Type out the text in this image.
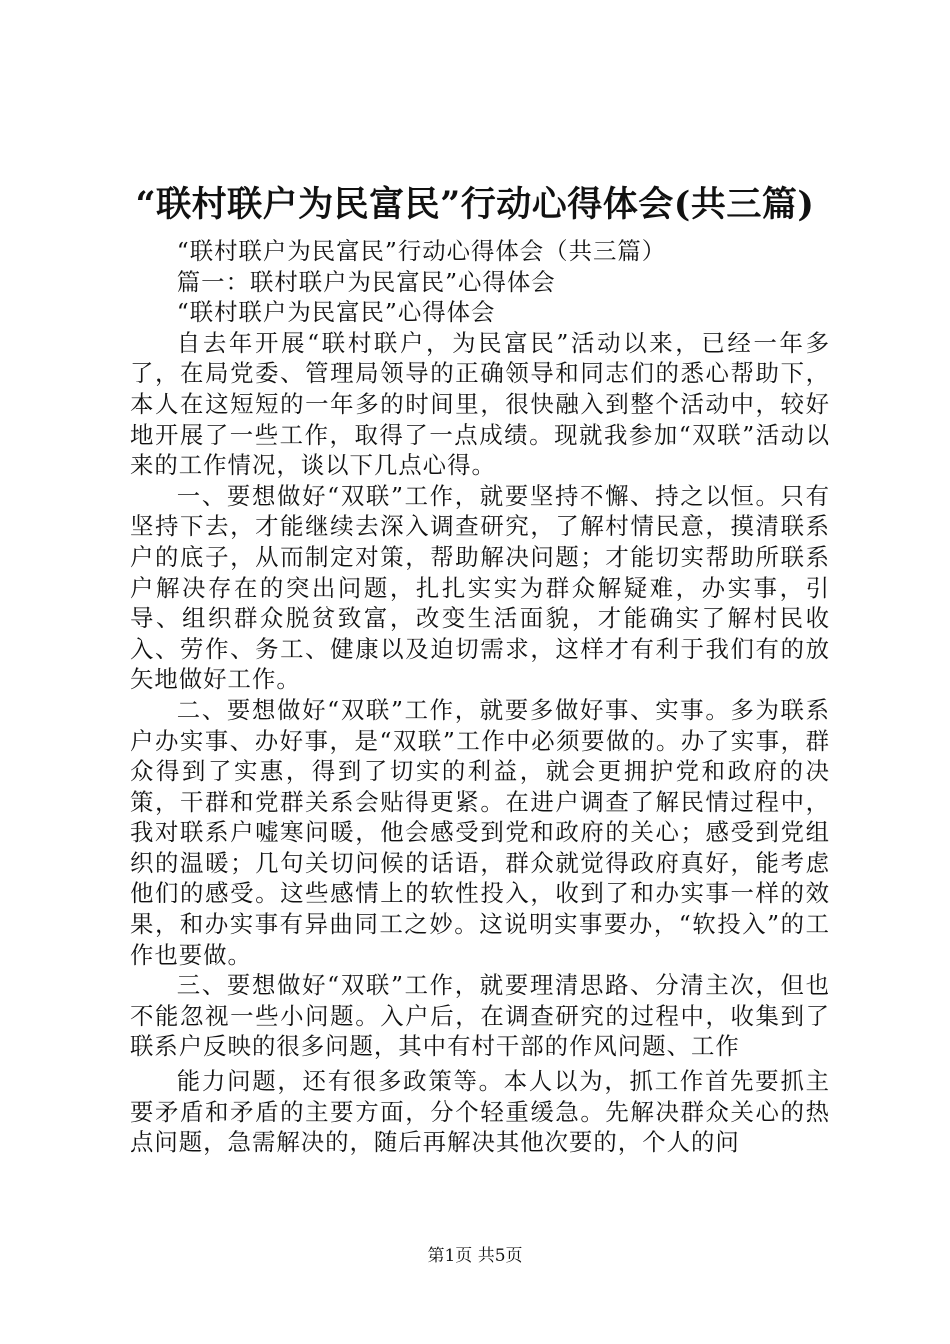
“联村联户为民富民”行动心得体会(共三篇)

“联村联户为民富民”行动心得体会（共三篇）

篇一：联村联户为民富民”心得体会

“联村联户为民富民”心得体会

自去年开展“联村联户，为民富民”活动以来，已经一年多了，在局党委、管理局领导的正确领导和同志们的悉心帮助下，本人在这短短的一年多的时间里，很快融入到整个活动中，较好地开展了一些工作，取得了一点成绩。现就我参加“双联”活动以来的工作情况，谈以下几点心得。

一、要想做好“双联”工作，就要坚持不懈、持之以恒。只有坚持下去，才能继续去深入调查研究，了解村情民意，摸清联系户的底子，从而制定对策，帮助解决问题；才能切实帮助所联系户解决存在的突出问题，扎扎实实为群众解疑难，办实事，引导、组织群众脱贫致富，改变生活面貌，才能确实了解村民收入、劳作、务工、健康以及迫切需求，这样才有利于我们有的放矢地做好工作。

二、要想做好“双联”工作，就要多做好事、实事。多为联系户办实事、办好事，是“双联”工作中必须要做的。办了实事，群众得到了实惠，得到了切实的利益，就会更拥护党和政府的决策，干群和党群关系会贴得更紧。在进户调查了解民情过程中，我对联系户嘘寒问暖，他会感受到党和政府的关心；感受到党组织的温暖；几句关切问候的话语，群众就觉得政府真好，能考虑他们的感受。这些感情上的软性投入，收到了和办实事一样的效果，和办实事有异曲同工之妙。这说明实事要办，“软投入”的工作也要做。

三、要想做好“双联”工作，就要理清思路、分清主次，但也不能忽视一些小问题。入户后，在调查研究的过程中，收集到了联系户反映的很多问题，其中有村干部的作风问题、工作

能力问题，还有很多政策等。本人以为，抓工作首先要抓主要矛盾和矛盾的主要方面，分个轻重缓急。先解决群众关心的热点问题，急需解决的，随后再解决其他次要的，个人的问

第1页 共5页
